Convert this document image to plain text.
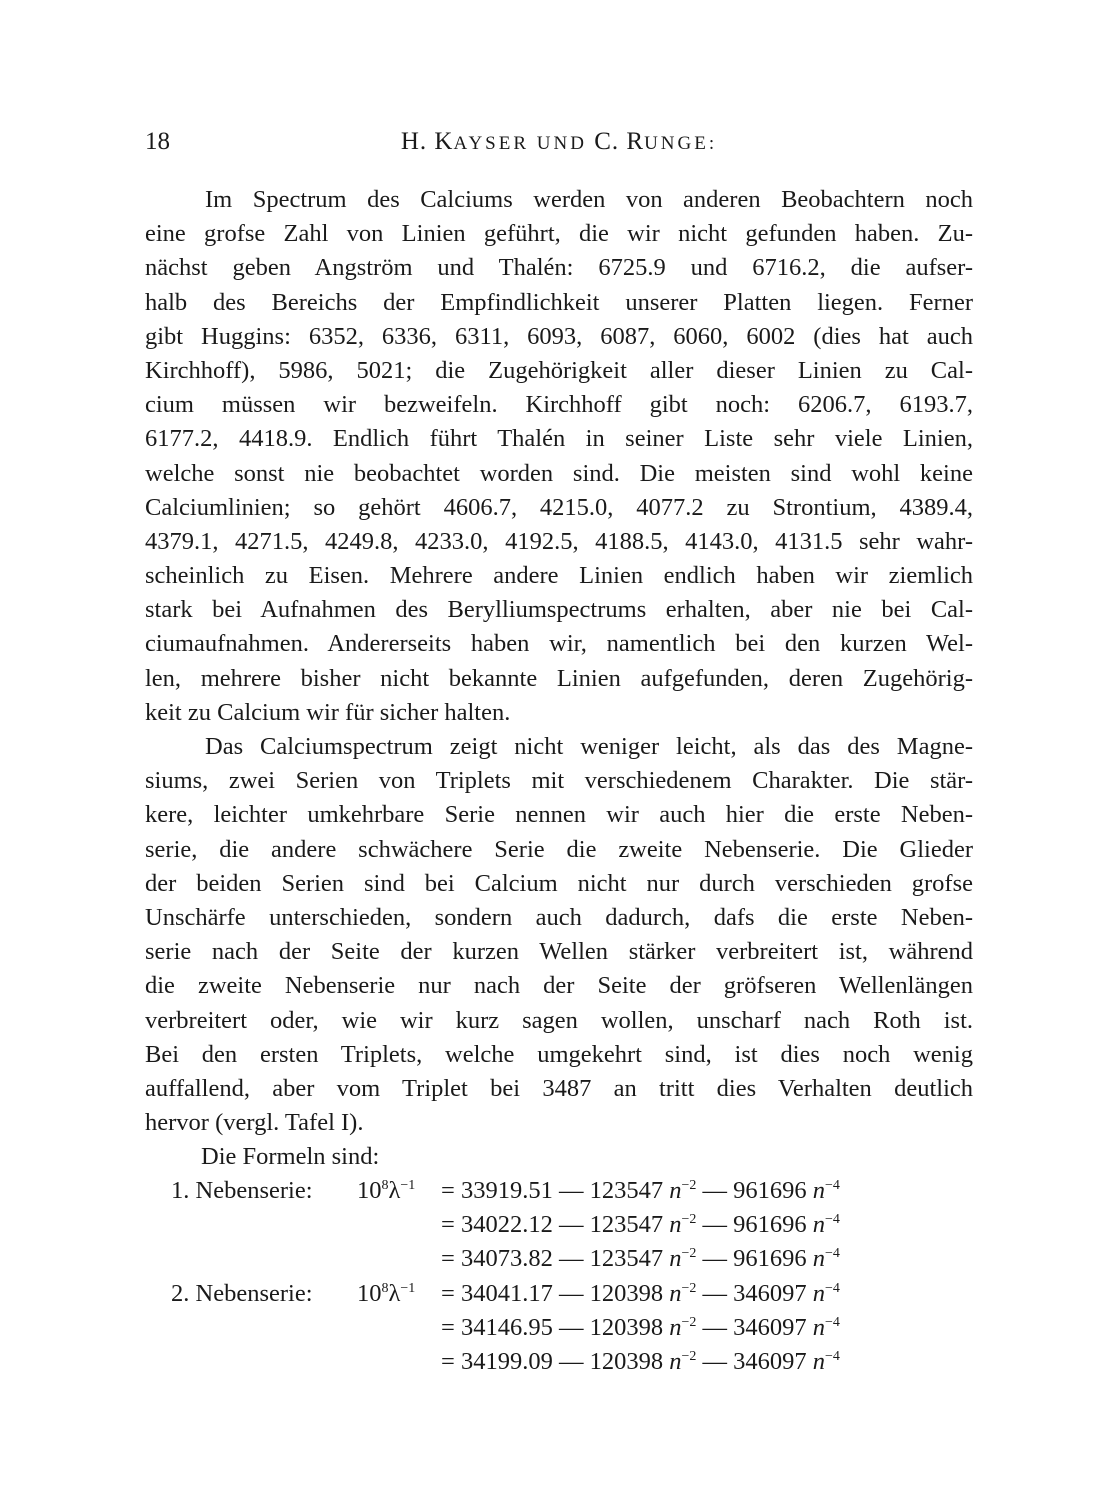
18	H. KAYSER UND C. RUNGE:
Im Spectrum des Calciums werden von anderen Beobachtern noch
eine grofse Zahl von Linien geführt, die wir nicht gefunden haben. Zu-
nächst geben Angström und Thalén: 6725.9 und 6716.2, die aufser-
halb des Bereichs der Empfindlichkeit unserer Platten liegen. Ferner
gibt Huggins: 6352, 6336, 6311, 6093, 6087, 6060, 6002 (dies hat auch
Kirchhoff), 5986, 5021; die Zugehörigkeit aller dieser Linien zu Cal-
cium müssen wir bezweifeln. Kirchhoff gibt noch: 6206.7, 6193.7,
6177.2, 4418.9. Endlich führt Thalén in seiner Liste sehr viele Linien,
welche sonst nie beobachtet worden sind. Die meisten sind wohl keine
Calciumlinien; so gehört 4606.7, 4215.0, 4077.2 zu Strontium, 4389.4,
4379.1, 4271.5, 4249.8, 4233.0, 4192.5, 4188.5, 4143.0, 4131.5 sehr wahr-
scheinlich zu Eisen. Mehrere andere Linien endlich haben wir ziemlich
stark bei Aufnahmen des Berylliumspectrums erhalten, aber nie bei Cal-
ciumaufnahmen. Andererseits haben wir, namentlich bei den kurzen Wel-
len, mehrere bisher nicht bekannte Linien aufgefunden, deren Zugehörig-
keit zu Calcium wir für sicher halten.
Das Calciumspectrum zeigt nicht weniger leicht, als das des Magne-
siums, zwei Serien von Triplets mit verschiedenem Charakter. Die stär-
kere, leichter umkehrbare Serie nennen wir auch hier die erste Neben-
serie, die andere schwächere Serie die zweite Nebenserie. Die Glieder
der beiden Serien sind bei Calcium nicht nur durch verschieden grofse
Unschärfe unterschieden, sondern auch dadurch, dafs die erste Neben-
serie nach der Seite der kurzen Wellen stärker verbreitert ist, während
die zweite Nebenserie nur nach der Seite der gröfseren Wellenlängen
verbreitert oder, wie wir kurz sagen wollen, unscharf nach Roth ist.
Bei den ersten Triplets, welche umgekehrt sind, ist dies noch wenig
auffallend, aber vom Triplet bei 3487 an tritt dies Verhalten deutlich
hervor (vergl. Tafel I).
Die Formeln sind:
1. Nebenserie: $10^8\lambda^{-1} = 33919.51$ — 123547 $n^{-2}$ — 961696 $n^{-4}$
= 34022.12 — 123547 $n^{-2}$ — 961696 $n^{-4}$
= 34073.82 — 123547 $n^{-2}$ — 961696 $n^{-4}$
2. Nebenserie: $10^8\lambda^{-1} = 34041.17$ — 120398 $n^{-2}$ — 346097 $n^{-4}$
= 34146.95 — 120398 $n^{-2}$ — 346097 $n^{-4}$
= 34199.09 — 120398 $n^{-2}$ — 346097 $n^{-4}$
